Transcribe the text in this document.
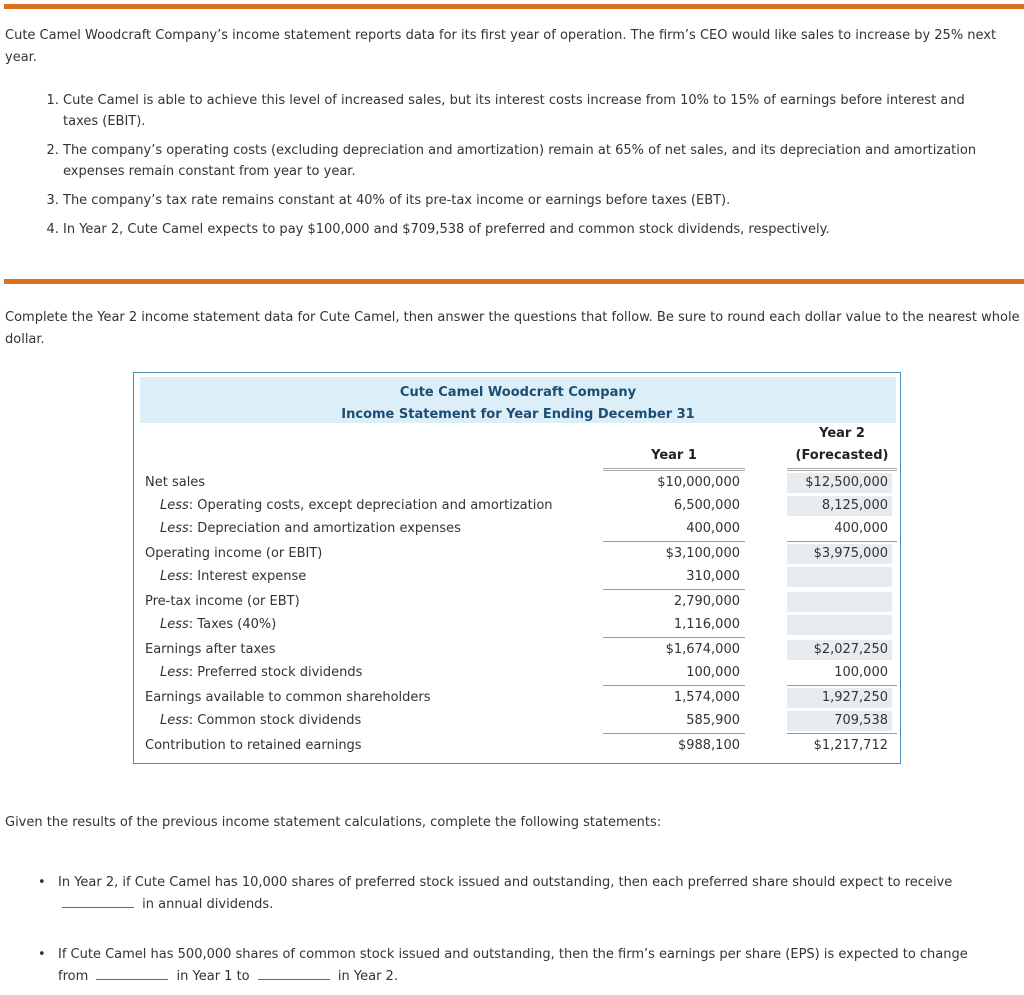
Cute Camel Woodcraft Company’s income statement reports data for its first year of operation. The firm’s CEO would like sales to increase by 25% next year.

1. Cute Camel is able to achieve this level of increased sales, but its interest costs increase from 10% to 15% of earnings before interest and taxes (EBIT).
2. The company’s operating costs (excluding depreciation and amortization) remain at 65% of net sales, and its depreciation and amortization expenses remain constant from year to year.
3. The company’s tax rate remains constant at 40% of its pre-tax income or earnings before taxes (EBT).
4. In Year 2, Cute Camel expects to pay $100,000 and $709,538 of preferred and common stock dividends, respectively.

Complete the Year 2 income statement data for Cute Camel, then answer the questions that follow. Be sure to round each dollar value to the nearest whole dollar.

Cute Camel Woodcraft Company
Income Statement for Year Ending December 31
Year 1
Year 2
(Forecasted)
Net sales	$10,000,000	$12,500,000
Less: Operating costs, except depreciation and amortization	6,500,000	8,125,000
Less: Depreciation and amortization expenses	400,000	400,000
Operating income (or EBIT)	$3,100,000	$3,975,000
Less: Interest expense	310,000
Pre-tax income (or EBT)	2,790,000
Less: Taxes (40%)	1,116,000
Earnings after taxes	$1,674,000	$2,027,250
Less: Preferred stock dividends	100,000	100,000
Earnings available to common shareholders	1,574,000	1,927,250
Less: Common stock dividends	585,900	709,538
Contribution to retained earnings	$988,100	$1,217,712

Given the results of the previous income statement calculations, complete the following statements:

• In Year 2, if Cute Camel has 10,000 shares of preferred stock issued and outstanding, then each preferred share should expect to receive
in annual dividends.
• If Cute Camel has 500,000 shares of common stock issued and outstanding, then the firm’s earnings per share (EPS) is expected to change from	in Year 1 to	in Year 2.
